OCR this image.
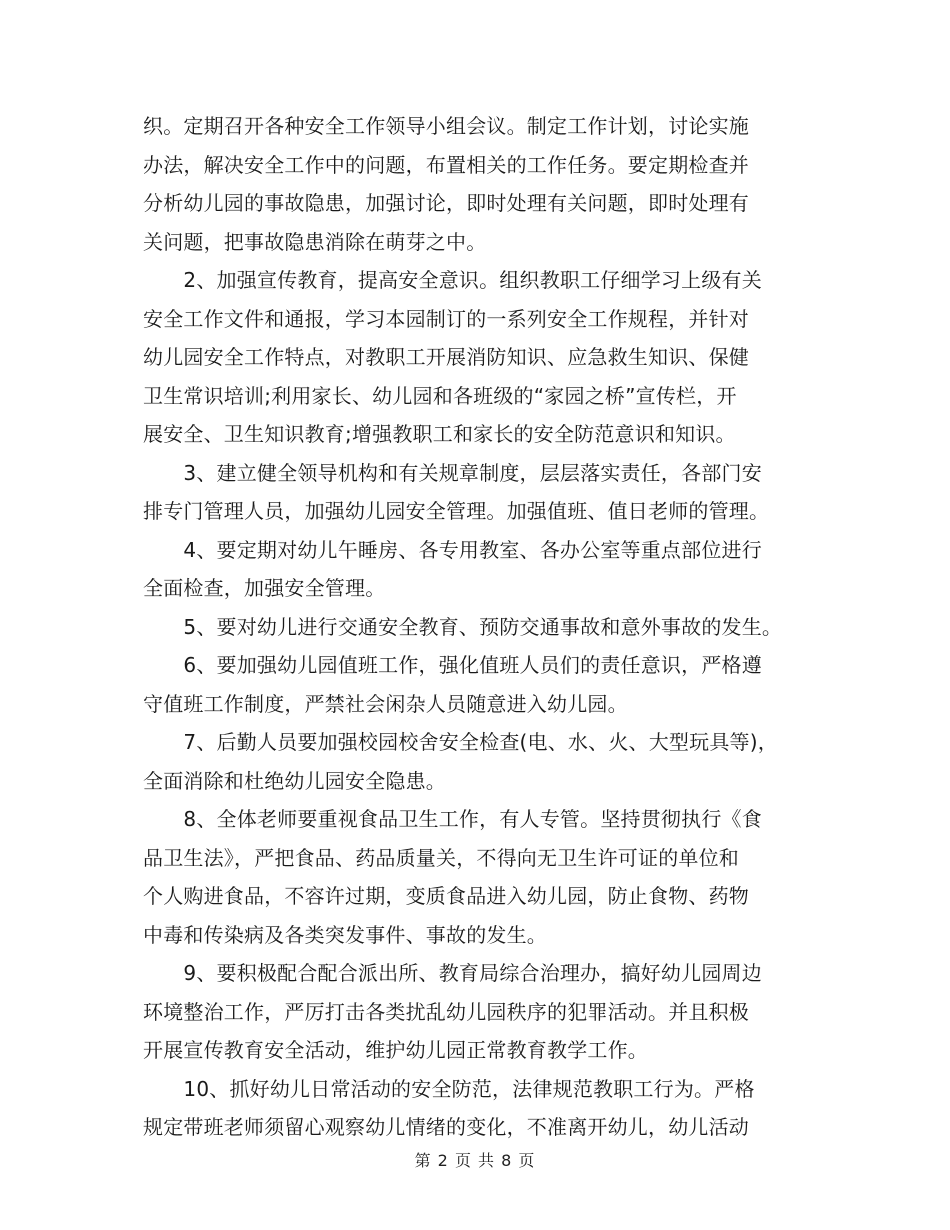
织。定期召开各种安全工作领导小组会议。制定工作计划，讨论实施
办法，解决安全工作中的问题，布置相关的工作任务。要定期检查并
分析幼儿园的事故隐患，加强讨论，即时处理有关问题，即时处理有
关问题，把事故隐患消除在萌芽之中。
　　2、加强宣传教育，提高安全意识。组织教职工仔细学习上级有关
安全工作文件和通报，学习本园制订的一系列安全工作规程，并针对
幼儿园安全工作特点，对教职工开展消防知识、应急救生知识、保健
卫生常识培训;利用家长、幼儿园和各班级的“家园之桥”宣传栏，开
展安全、卫生知识教育;增强教职工和家长的安全防范意识和知识。
　　3、建立健全领导机构和有关规章制度，层层落实责任，各部门安
排专门管理人员，加强幼儿园安全管理。加强值班、值日老师的管理。
　　4、要定期对幼儿午睡房、各专用教室、各办公室等重点部位进行
全面检查，加强安全管理。
　　5、要对幼儿进行交通安全教育、预防交通事故和意外事故的发生。
　　6、要加强幼儿园值班工作，强化值班人员们的责任意识，严格遵
守值班工作制度，严禁社会闲杂人员随意进入幼儿园。
　　7、后勤人员要加强校园校舍安全检查(电、水、火、大型玩具等)，
全面消除和杜绝幼儿园安全隐患。
　　8、全体老师要重视食品卫生工作，有人专管。坚持贯彻执行《食
品卫生法》，严把食品、药品质量关，不得向无卫生许可证的单位和
个人购进食品，不容许过期，变质食品进入幼儿园，防止食物、药物
中毒和传染病及各类突发事件、事故的发生。
　　9、要积极配合配合派出所、教育局综合治理办，搞好幼儿园周边
环境整治工作，严厉打击各类扰乱幼儿园秩序的犯罪活动。并且积极
开展宣传教育安全活动，维护幼儿园正常教育教学工作。
　　10、抓好幼儿日常活动的安全防范，法律规范教职工行为。严格
规定带班老师须留心观察幼儿情绪的变化，不准离开幼儿，幼儿活动
第 2 页 共 8 页
